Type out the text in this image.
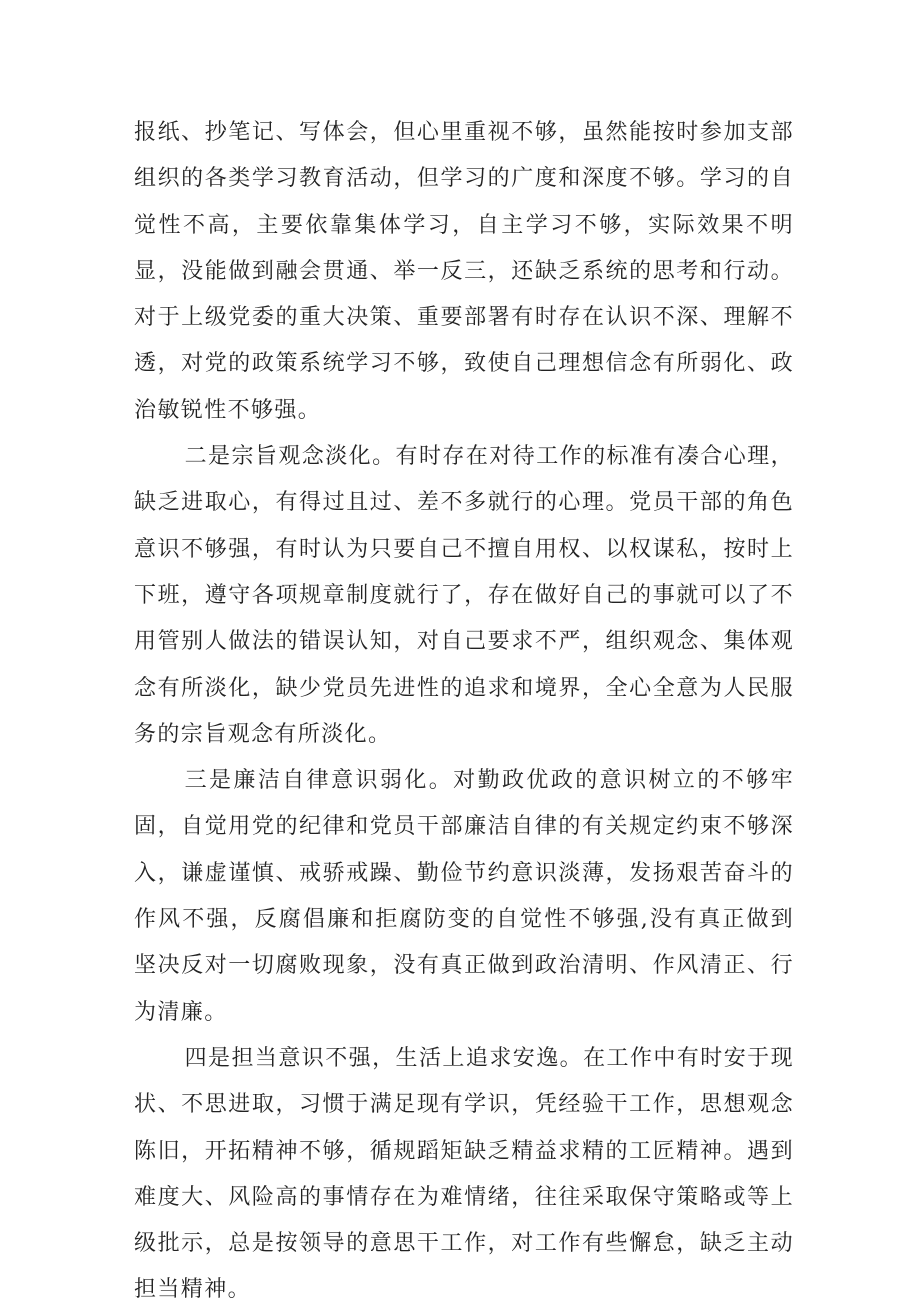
报纸、抄笔记、写体会，但心里重视不够，虽然能按时参加支部组织的各类学习教育活动，但学习的广度和深度不够。学习的自觉性不高，主要依靠集体学习，自主学习不够，实际效果不明显，没能做到融会贯通、举一反三，还缺乏系统的思考和行动。对于上级党委的重大决策、重要部署有时存在认识不深、理解不透，对党的政策系统学习不够，致使自己理想信念有所弱化、政治敏锐性不够强。

二是宗旨观念淡化。有时存在对待工作的标准有凑合心理，缺乏进取心，有得过且过、差不多就行的心理。党员干部的角色意识不够强，有时认为只要自己不擅自用权、以权谋私，按时上下班，遵守各项规章制度就行了，存在做好自己的事就可以了不用管别人做法的错误认知，对自己要求不严，组织观念、集体观念有所淡化，缺少党员先进性的追求和境界，全心全意为人民服务的宗旨观念有所淡化。

三是廉洁自律意识弱化。对勤政优政的意识树立的不够牢固，自觉用党的纪律和党员干部廉洁自律的有关规定约束不够深入，谦虚谨慎、戒骄戒躁、勤俭节约意识淡薄，发扬艰苦奋斗的作风不强，反腐倡廉和拒腐防变的自觉性不够强,没有真正做到坚决反对一切腐败现象，没有真正做到政治清明、作风清正、行为清廉。

四是担当意识不强，生活上追求安逸。在工作中有时安于现状、不思进取，习惯于满足现有学识，凭经验干工作，思想观念陈旧，开拓精神不够，循规蹈矩缺乏精益求精的工匠精神。遇到难度大、风险高的事情存在为难情绪，往往采取保守策略或等上级批示，总是按领导的意思干工作，对工作有些懈怠，缺乏主动担当精神。
